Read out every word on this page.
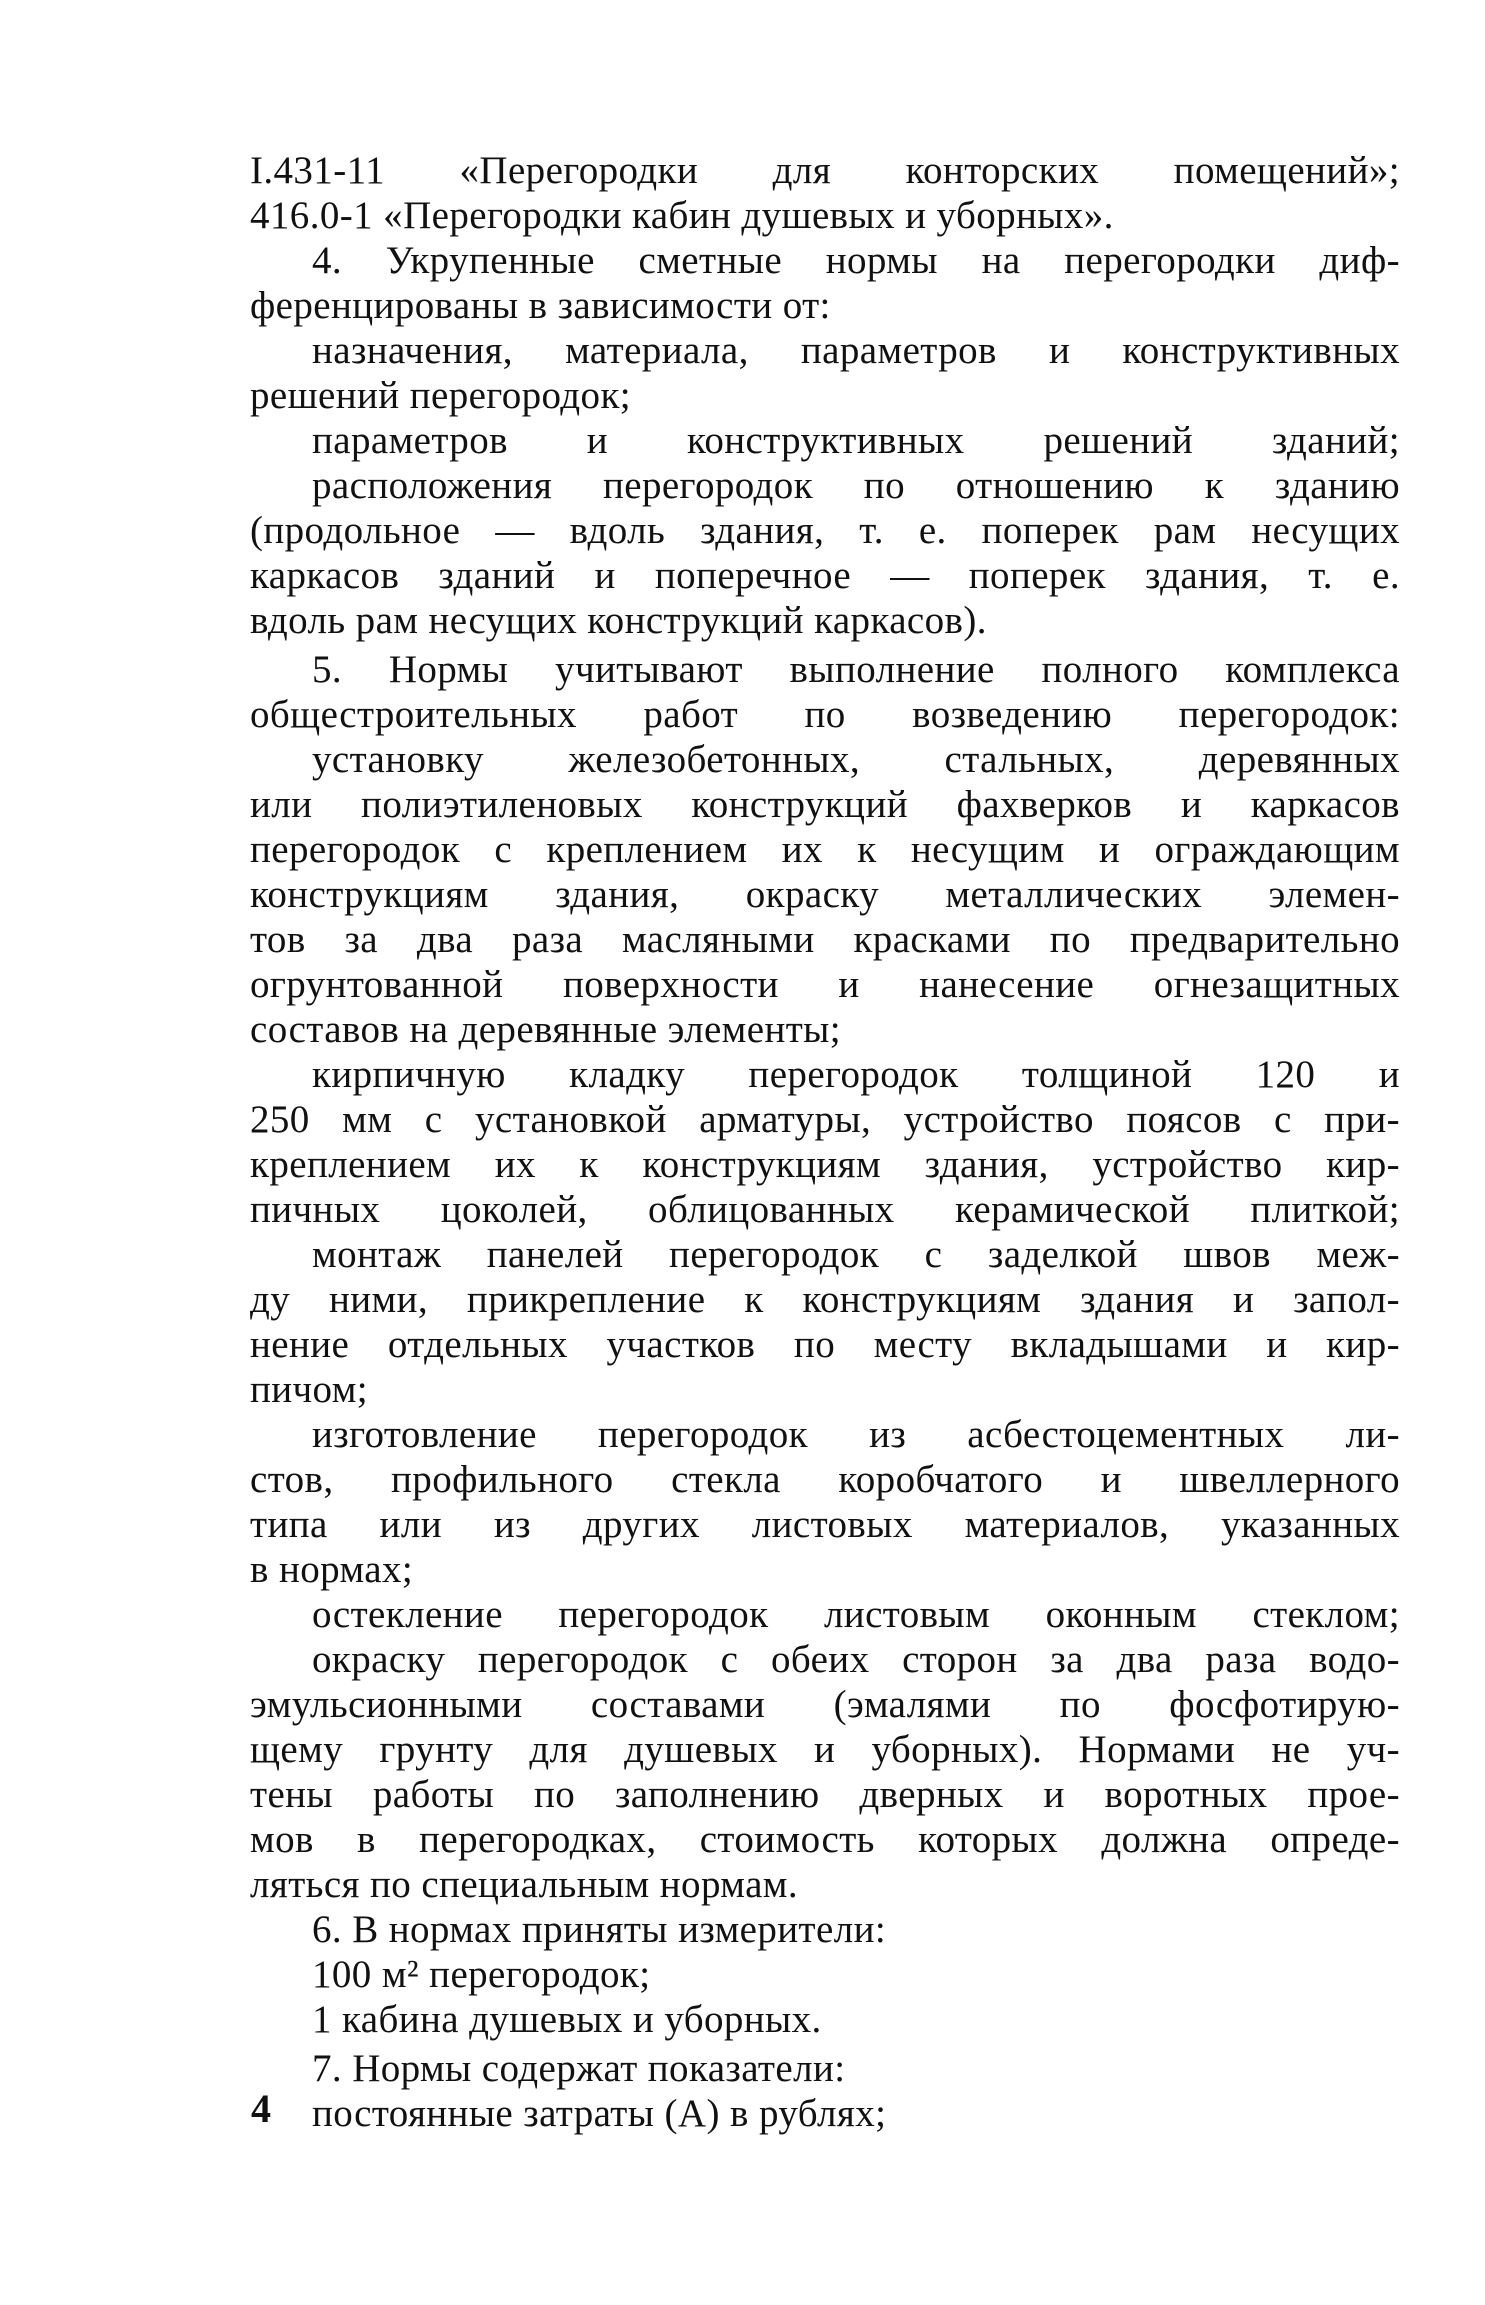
I.431-11 «Перегородки для конторских помещений»;
416.0-1 «Перегородки кабин душевых и уборных».
4. Укрупенные сметные нормы на перегородки диф-
ференцированы в зависимости от:
назначения, материала, параметров и конструктивных
решений перегородок;
параметров и конструктивных решений зданий;
расположения перегородок по отношению к зданию
(продольное — вдоль здания, т. е. поперек рам несущих
каркасов зданий и поперечное — поперек здания, т. е.
вдоль рам несущих конструкций каркасов).
5. Нормы учитывают выполнение полного комплекса
общестроительных работ по возведению перегородок:
установку железобетонных, стальных, деревянных
или полиэтиленовых конструкций фахверков и каркасов
перегородок с креплением их к несущим и ограждающим
конструкциям здания, окраску металлических элемен-
тов за два раза масляными красками по предварительно
огрунтованной поверхности и нанесение огнезащитных
составов на деревянные элементы;
кирпичную кладку перегородок толщиной 120 и
250 мм с установкой арматуры, устройство поясов с при-
креплением их к конструкциям здания, устройство кир-
пичных цоколей, облицованных керамической плиткой;
монтаж панелей перегородок с заделкой швов меж-
ду ними, прикрепление к конструкциям здания и запол-
нение отдельных участков по месту вкладышами и кир-
пичом;
изготовление перегородок из асбестоцементных ли-
стов, профильного стекла коробчатого и швеллерного
типа или из других листовых материалов, указанных
в нормах;
остекление перегородок листовым оконным стеклом;
окраску перегородок с обеих сторон за два раза водо-
эмульсионными составами (эмалями по фосфотирую-
щему грунту для душевых и уборных). Нормами не уч-
тены работы по заполнению дверных и воротных прое-
мов в перегородках, стоимость которых должна опреде-
ляться по специальным нормам.
6. В нормах приняты измерители:
100 м² перегородок;
1 кабина душевых и уборных.
7. Нормы содержат показатели:
постоянные затраты (А) в рублях;
4
